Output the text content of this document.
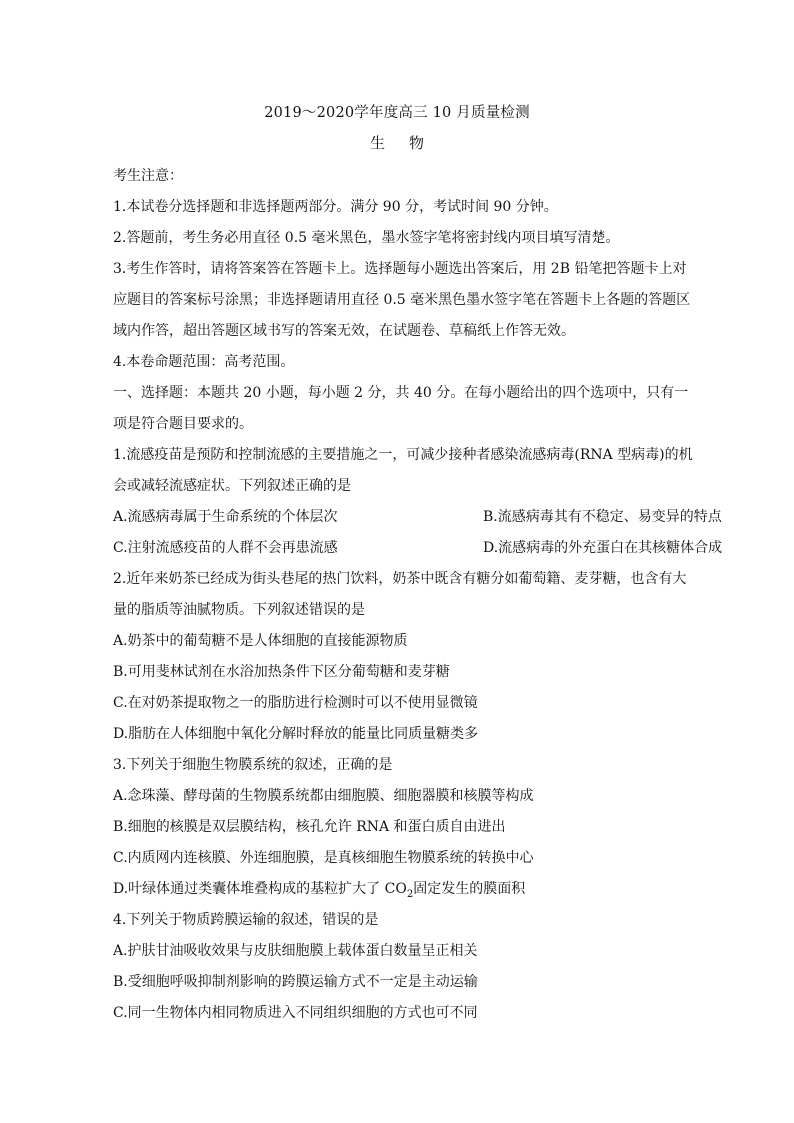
2019～2020学年度高三 10 月质量检测
生 物
考生注意：
1.本试卷分选择题和非选择题两部分。满分 90 分，考试时间 90 分钟。
2.答题前，考生务必用直径 0.5 毫米黑色，墨水签字笔将密封线内项目填写清楚。
3.考生作答时，请将答案答在答题卡上。选择题每小题选出答案后，用 2B 铅笔把答题卡上对
应题目的答案标号涂黑；非选择题请用直径 0.5 毫米黑色墨水签字笔在答题卡上各题的答题区
域内作答，超出答题区域书写的答案无效，在试题卷、草稿纸上作答无效。
4.本卷命题范围：高考范围。
一、选择题：本题共 20 小题，每小题 2 分，共 40 分。在每小题给出的四个选项中，只有一
项是符合题目要求的。
1.流感疫苗是预防和控制流感的主要措施之一，可减少接种者感染流感病毒(RNA 型病毒)的机
会或减轻流感症状。下列叙述正确的是
A.流感病毒属于生命系统的个体层次	B.流感病毒其有不稳定、易变异的特点
C.注射流感疫苗的人群不会再患流感	D.流感病毒的外充蛋白在其核糖体合成
2.近年来奶茶已经成为街头巷尾的热门饮料，奶茶中既含有糖分如葡萄籍、麦芽糖，也含有大
量的脂质等油腻物质。下列叙述错误的是
A.奶茶中的葡萄糖不是人体细胞的直接能源物质
B.可用斐林试剂在水浴加热条件下区分葡萄糖和麦芽糖
C.在对奶茶提取物之一的脂肪进行检测时可以不使用显微镜
D.脂肪在人体细胞中氧化分解时释放的能量比同质量糖类多
3.下列关于细胞生物膜系统的叙述，正确的是
A.念珠藻、酵母菌的生物膜系统都由细胞膜、细胞器膜和核膜等构成
B.细胞的核膜是双层膜结构，核孔允许 RNA 和蛋白质自由进出
C.内质网内连核膜、外连细胞膜，是真核细胞生物膜系统的转换中心
D.叶绿体通过类囊体堆叠构成的基粒扩大了 $CO_2$固定发生的膜面积
4.下列关于物质跨膜运输的叙述，错误的是
A.护肤甘油吸收效果与皮肤细胞膜上载体蛋白数量呈正相关
B.受细胞呼吸抑制剂影响的跨膜运输方式不一定是主动运输
C.同一生物体内相同物质进入不同组织细胞的方式也可不同
